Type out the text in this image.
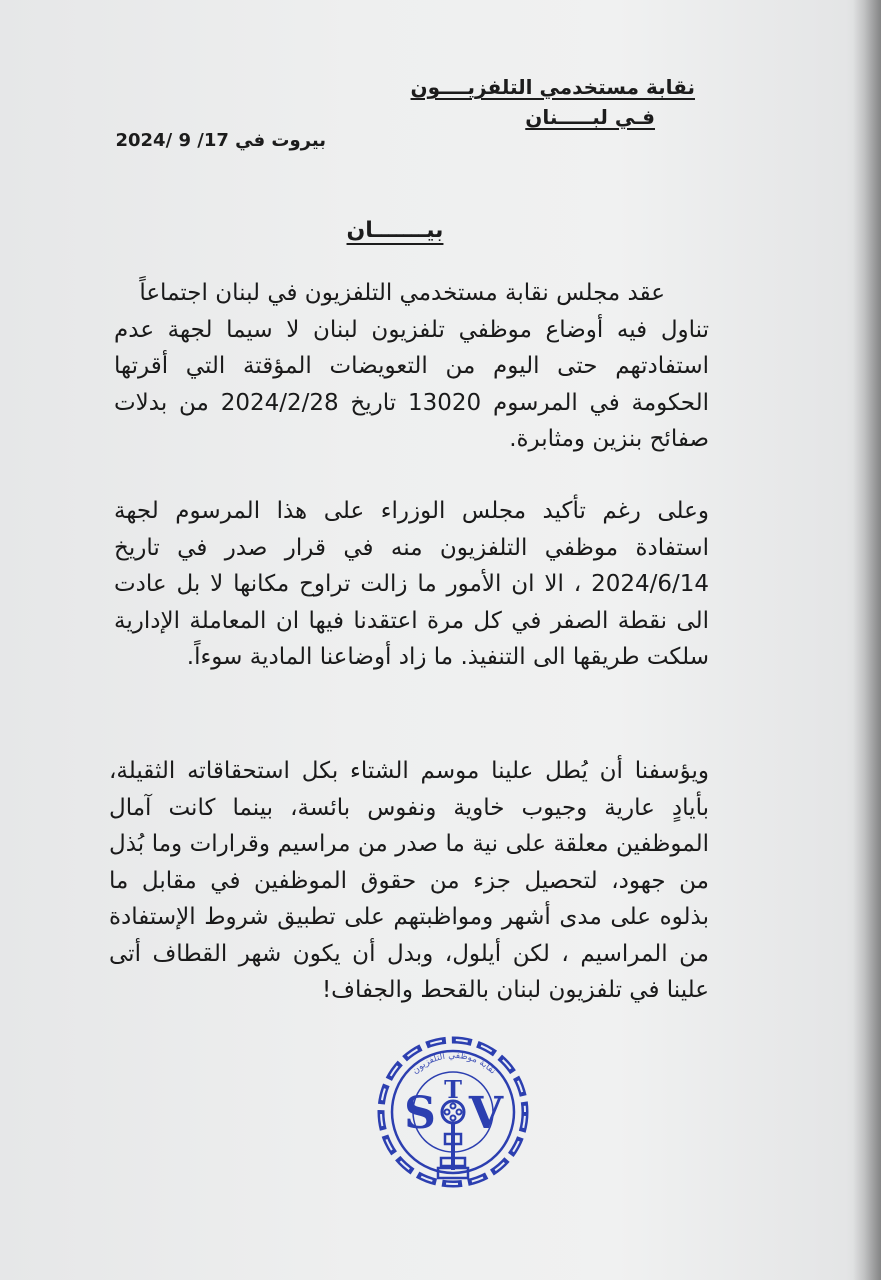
نقابة مستخدمي التلفزيــــون
فـي لبـــــنان
بيروت في 17/ 9 /2024
بيـــــــان
عقد مجلس نقابة مستخدمي التلفزيون في لبنان اجتماعاً
تناول فيه أوضاع موظفي تلفزيون لبنان لا سيما لجهة عدم استفادتهم حتى اليوم من التعويضات المؤقتة التي أقرتها الحكومة في المرسوم 13020 تاريخ 2024/2/28 من بدلات صفائح بنزين ومثابرة.
وعلى رغم تأكيد مجلس الوزراء على هذا المرسوم لجهة استفادة موظفي التلفزيون منه في قرار صدر في تاريخ 2024/6/14 ، الا ان الأمور ما زالت تراوح مكانها لا بل عادت الى نقطة الصفر في كل مرة اعتقدنا فيها ان المعاملة الإدارية سلكت طريقها الى التنفيذ. ما زاد أوضاعنا المادية سوءاً.
ويؤسفنا أن يُطل علينا موسم الشتاء بكل استحقاقاته الثقيلة، بأيادٍ عارية وجيوب خاوية ونفوس بائسة، بينما كانت آمال الموظفين معلقة على نية ما صدر من مراسيم وقرارات وما بُذل من جهود، لتحصيل جزء من حقوق الموظفين في مقابل ما بذلوه على مدى أشهر ومواظبتهم على تطبيق شروط الإستفادة من المراسيم ، لكن أيلول، وبدل أن يكون شهر القطاف أتى علينا في تلفزيون لبنان بالقحط والجفاف!
S T V
نقابة موظفي التلفزيون
